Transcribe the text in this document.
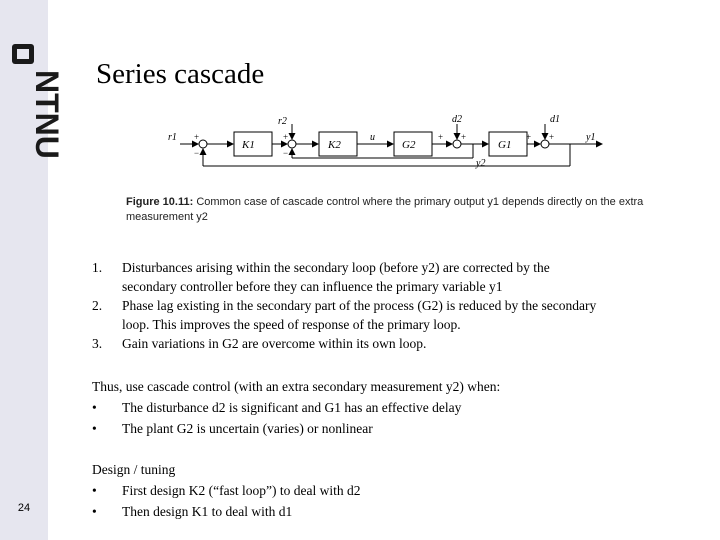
NTNU
24
Series cascade
+
−
+
−
+ +	+ +
K1	K2	G2	G1
r1
r2
u
d2	d1
y1
y2
Figure 10.11: Common case of cascade control where the primary output y1 depends directly on the extra measurement y2
1. Disturbances arising within the secondary loop (before y2) are corrected by the
secondary controller before they can influence the primary variable y1
2. Phase lag existing in the secondary part of the process (G2) is reduced by the secondary
loop. This improves the speed of response of the primary loop.
3. Gain variations in G2 are overcome within its own loop.
Thus, use cascade control (with an extra secondary measurement y2) when:
• The disturbance d2 is significant and G1 has an effective delay
• The plant G2 is uncertain (varies) or nonlinear
Design / tuning
• First design K2 (“fast loop”) to deal with d2
• Then design K1 to deal with d1
